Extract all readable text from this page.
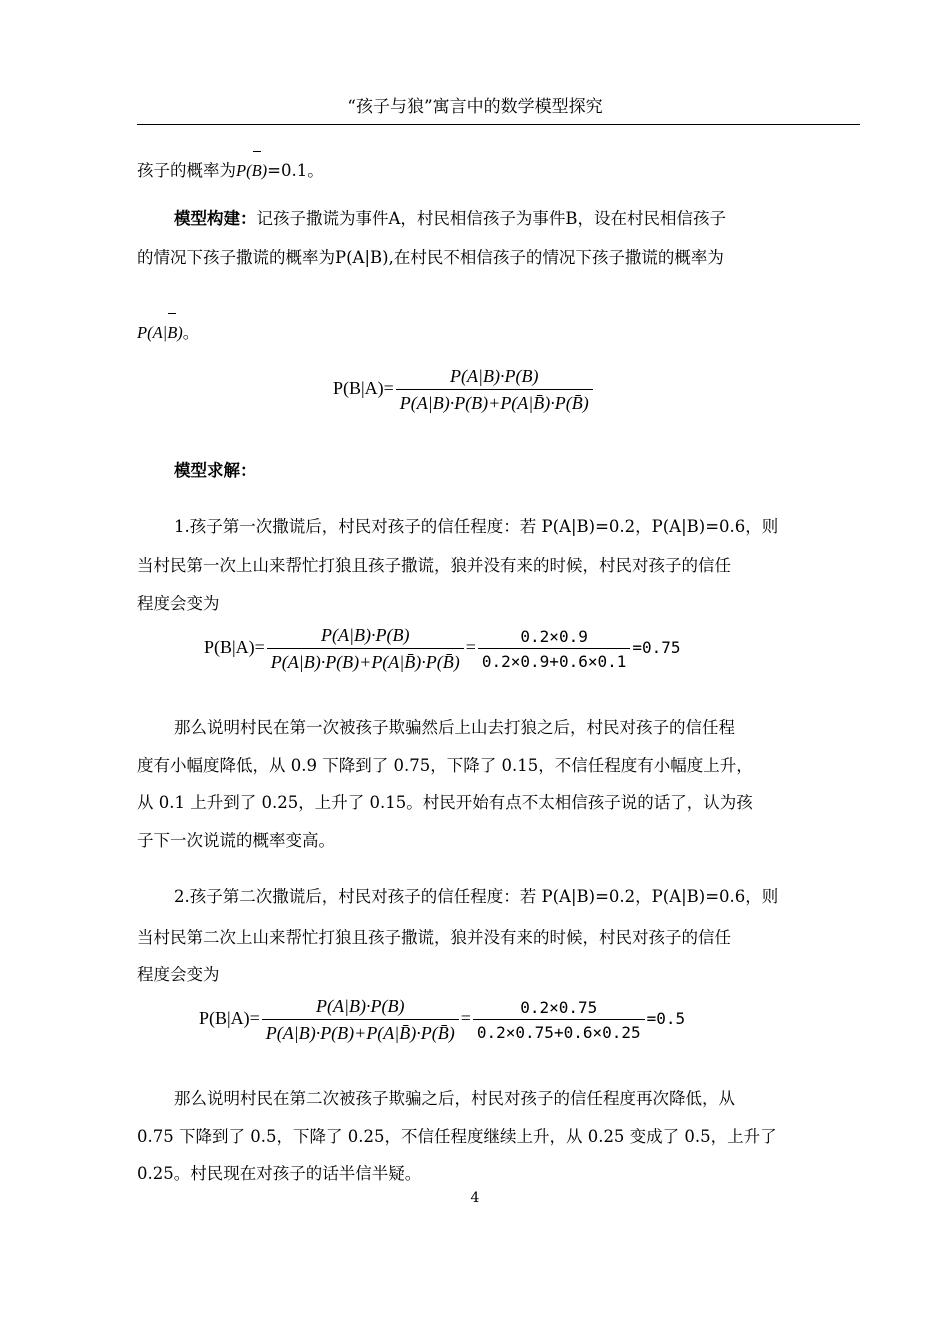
“孩子与狼”寓言中的数学模型探究
孩子的概率为P(B)=0.1。
模型构建：记孩子撒谎为事件A，村民相信孩子为事件B，设在村民相信孩子
的情况下孩子撒谎的概率为P(A|B),在村民不相信孩子的情况下孩子撒谎的概率为
P(A|B)。
$P(B|A)= \frac{P(A|B)\cdot P(B)}{P(A|B)\cdot P(B)+P(A|B̄)\cdot P(B̄)}$
模型求解：
1.孩子第一次撒谎后，村民对孩子的信任程度：若 P(A|B)=0.2，P(A|B)=0.6，则
当村民第一次上山来帮忙打狼且孩子撒谎，狼并没有来的时候，村民对孩子的信任
程度会变为
$P(B|A)= \frac{P(A|B)\cdot P(B)}{P(A|B)\cdot P(B)+P(A|B̄)\cdot P(B̄)} = \frac{0.2\times 0.9}{0.2\times 0.9+0.6\times 0.1} =0.75$
那么说明村民在第一次被孩子欺骗然后上山去打狼之后，村民对孩子的信任程
度有小幅度降低，从 0.9 下降到了 0.75，下降了 0.15，不信任程度有小幅度上升，
从 0.1 上升到了 0.25，上升了 0.15。村民开始有点不太相信孩子说的话了，认为孩
子下一次说谎的概率变高。
2.孩子第二次撒谎后，村民对孩子的信任程度：若 P(A|B)=0.2，P(A|B)=0.6，则
当村民第二次上山来帮忙打狼且孩子撒谎，狼并没有来的时候，村民对孩子的信任
程度会变为
$P(B|A)= \frac{P(A|B)\cdot P(B)}{P(A|B)\cdot P(B)+P(A|B̄)\cdot P(B̄)} = \frac{0.2\times 0.75}{0.2\times 0.75+0.6\times 0.25} =0.5$
那么说明村民在第二次被孩子欺骗之后，村民对孩子的信任程度再次降低，从
0.75 下降到了 0.5，下降了 0.25，不信任程度继续上升，从 0.25 变成了 0.5，上升了
0.25。村民现在对孩子的话半信半疑。
4
